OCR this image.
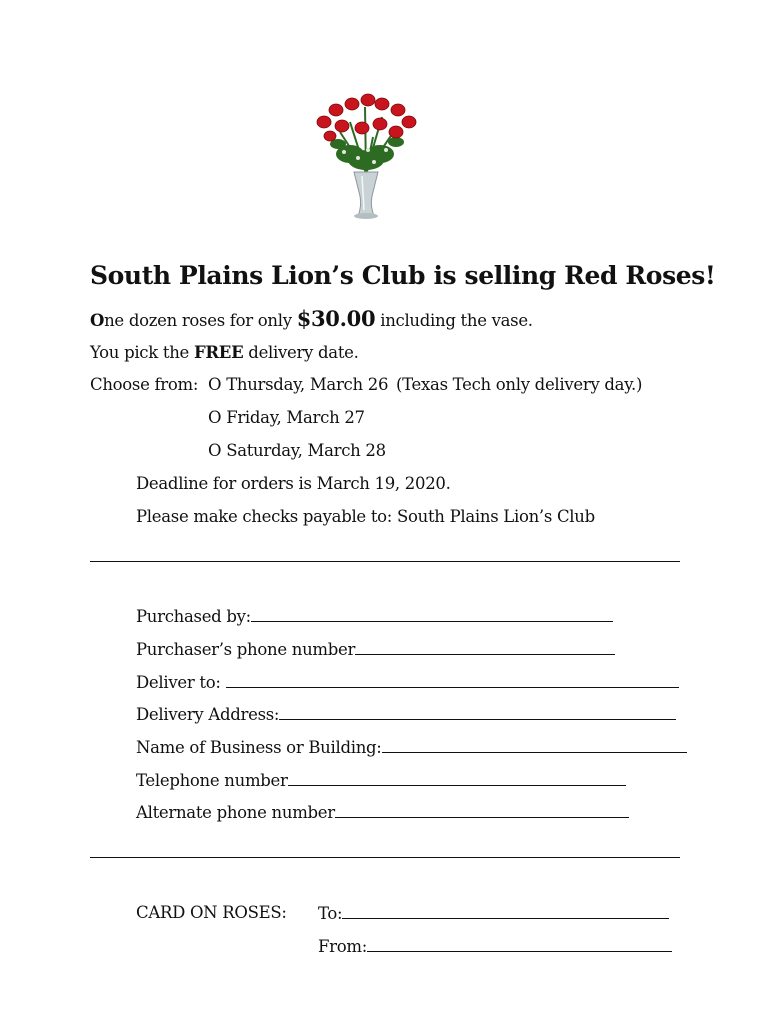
South Plains Lion’s Club is selling Red Roses!
One dozen roses for only $30.00 including the vase.
You pick the FREE delivery date.
Choose from: O Thursday, March 26 (Texas Tech only delivery day.)
O Friday, March 27
O Saturday, March 28
Deadline for orders is March 19, 2020.
Please make checks payable to: South Plains Lion’s Club
Purchased by:
Purchaser’s phone number
Deliver to:
Delivery Address:
Name of Business or Building:
Telephone number
Alternate phone number
CARD ON ROSES: To:
From:
